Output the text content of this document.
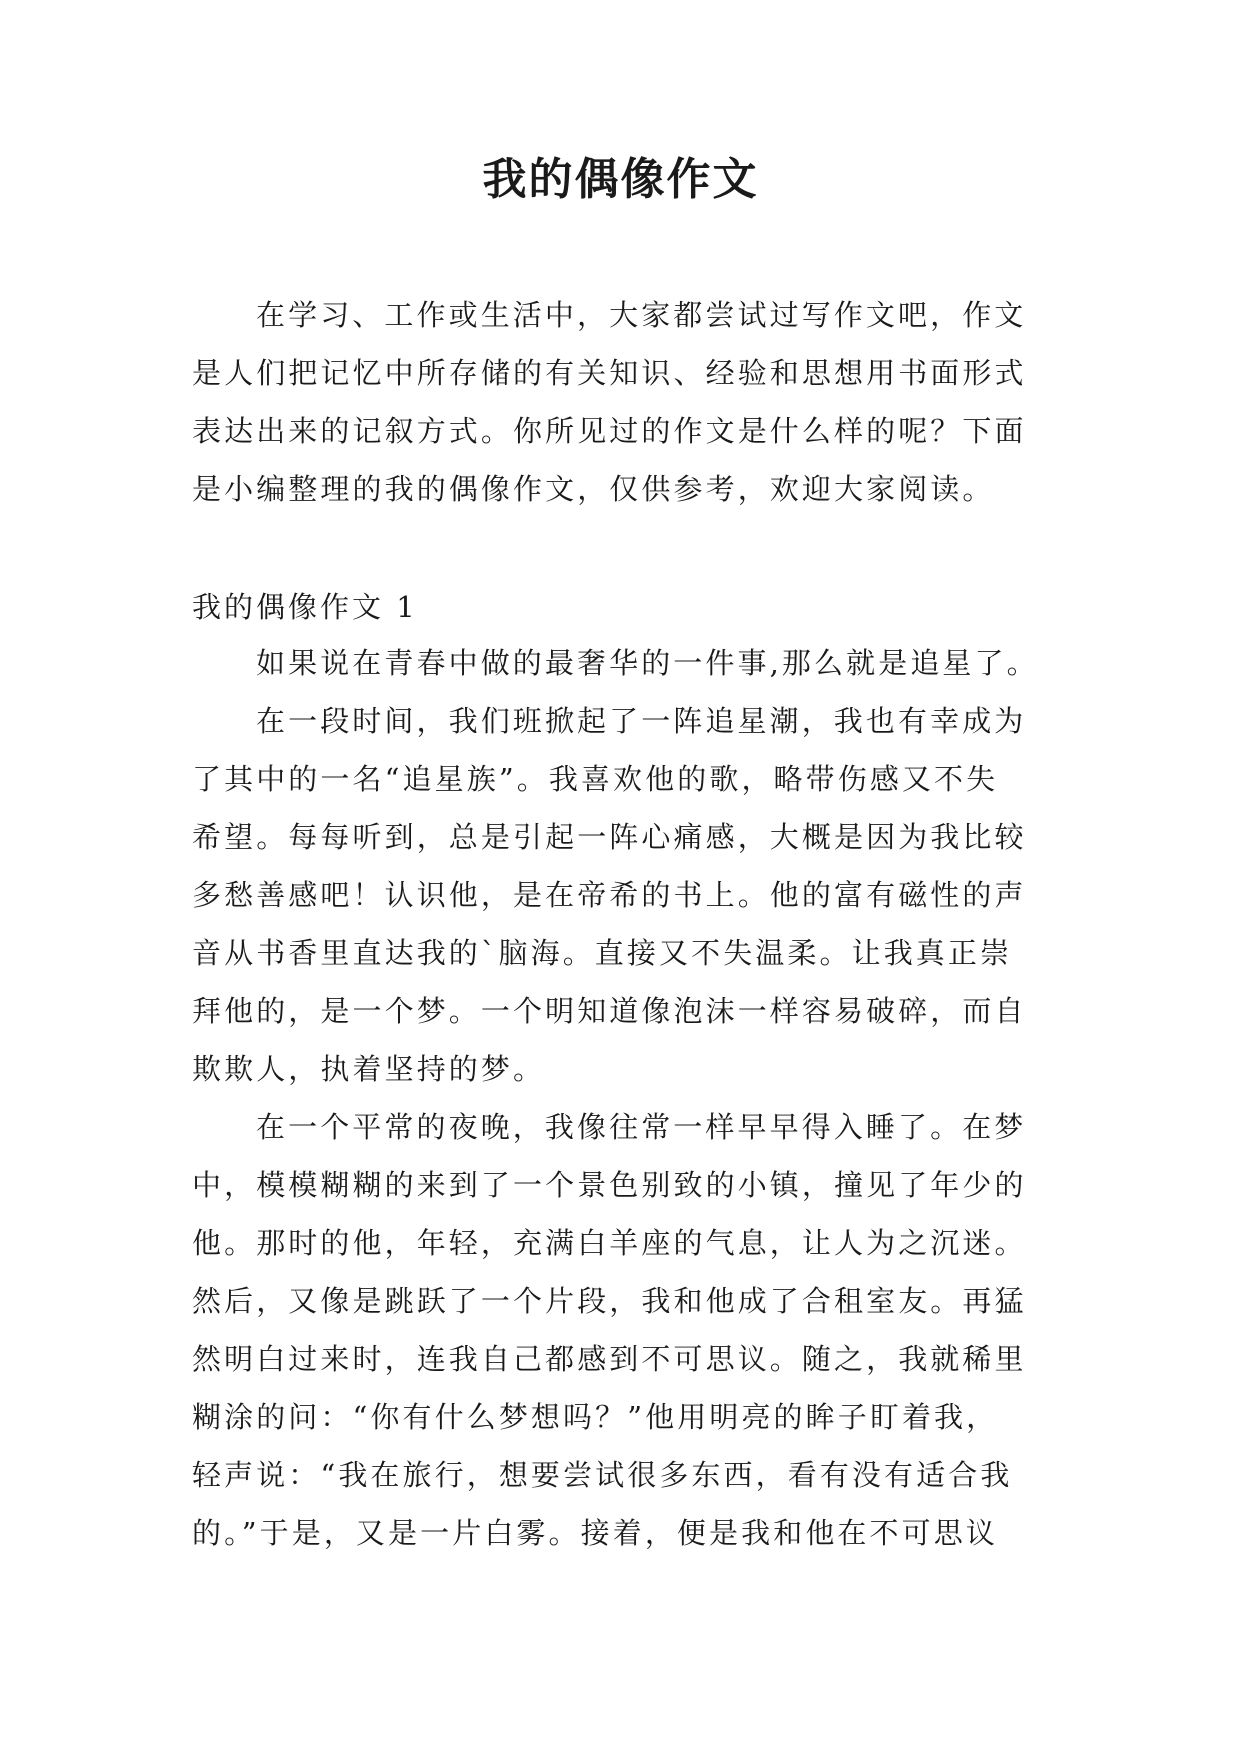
我的偶像作文
在学习、工作或生活中，大家都尝试过写作文吧，作文
是人们把记忆中所存储的有关知识、经验和思想用书面形式
表达出来的记叙方式。你所见过的作文是什么样的呢？下面
是小编整理的我的偶像作文，仅供参考，欢迎大家阅读。
我的偶像作文 1
如果说在青春中做的最奢华的一件事,那么就是追星了。
在一段时间，我们班掀起了一阵追星潮，我也有幸成为
了其中的一名“追星族”。我喜欢他的歌，略带伤感又不失
希望。每每听到，总是引起一阵心痛感，大概是因为我比较
多愁善感吧！认识他，是在帝希的书上。他的富有磁性的声
音从书香里直达我的`脑海。直接又不失温柔。让我真正崇
拜他的，是一个梦。一个明知道像泡沫一样容易破碎，而自
欺欺人，执着坚持的梦。
在一个平常的夜晚，我像往常一样早早得入睡了。在梦
中，模模糊糊的来到了一个景色别致的小镇，撞见了年少的
他。那时的他，年轻，充满白羊座的气息，让人为之沉迷。
然后，又像是跳跃了一个片段，我和他成了合租室友。再猛
然明白过来时，连我自己都感到不可思议。随之，我就稀里
糊涂的问：“你有什么梦想吗？”他用明亮的眸子盯着我，
轻声说：“我在旅行，想要尝试很多东西，看有没有适合我
的。”于是，又是一片白雾。接着，便是我和他在不可思议
